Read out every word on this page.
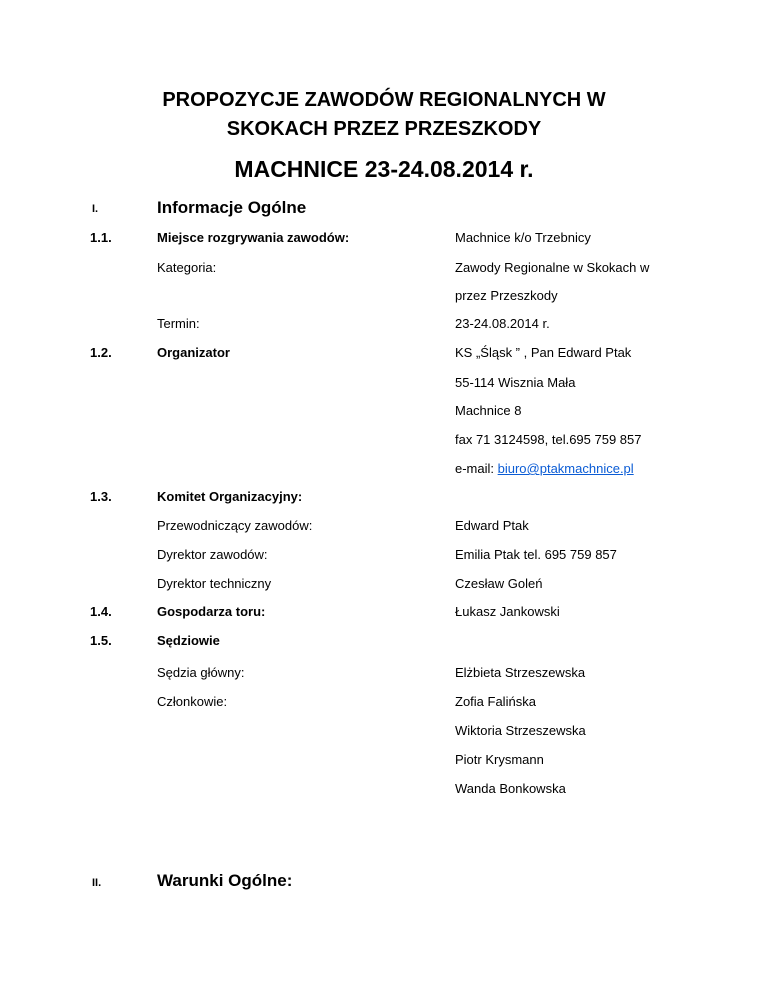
PROPOZYCJE ZAWODÓW REGIONALNYCH W
SKOKACH PRZEZ PRZESZKODY
MACHNICE 23-24.08.2014 r.
I.	Informacje Ogólne
1.1.	Miejsce rozgrywania zawodów:	Machnice k/o Trzebnicy
Kategoria:	Zawody Regionalne w Skokach w
przez Przeszkody
Termin:	23-24.08.2014 r.
1.2.	Organizator	KS „Śląsk ” , Pan Edward Ptak
55-114 Wisznia Mała
Machnice 8
fax 71 3124598, tel.695 759 857
e-mail: biuro@ptakmachnice.pl
1.3.	Komitet Organizacyjny:
Przewodniczący zawodów:	Edward Ptak
Dyrektor zawodów:	Emilia Ptak tel. 695 759 857
Dyrektor techniczny	Czesław Goleń
1.4.	Gospodarza toru:	Łukasz Jankowski
1.5.	Sędziowie
Sędzia główny:	Elżbieta Strzeszewska
Członkowie:	Zofia Falińska
Wiktoria Strzeszewska
Piotr Krysmann
Wanda Bonkowska
II.	Warunki Ogólne:
